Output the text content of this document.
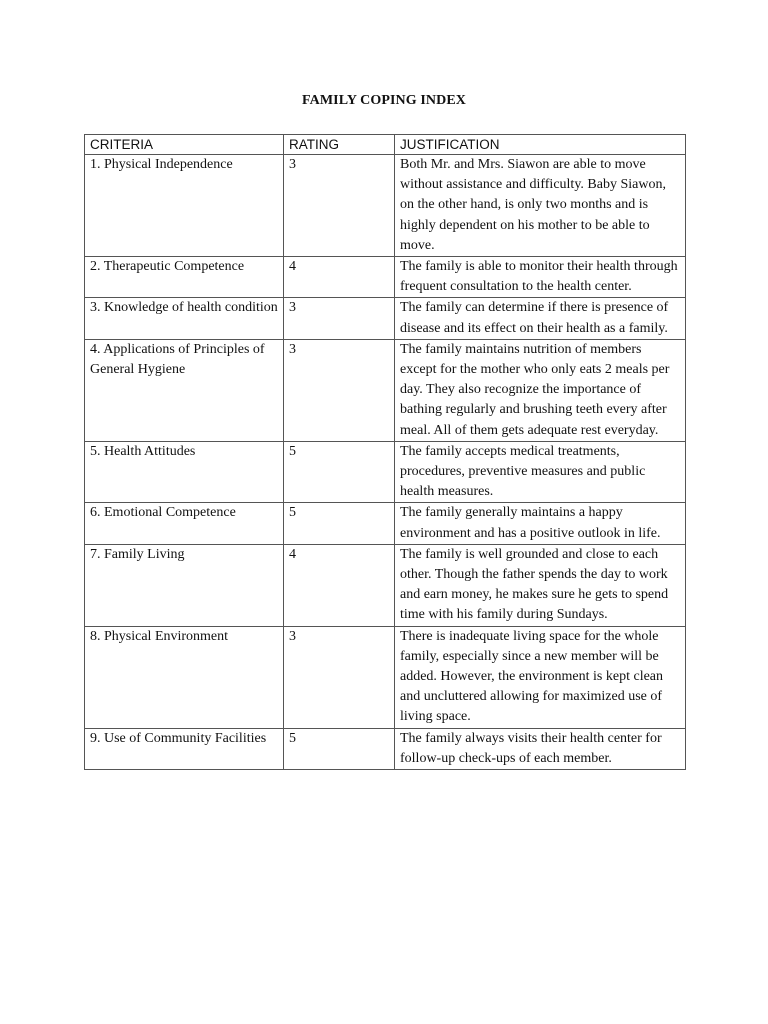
FAMILY COPING INDEX
CRITERIA	RATING	JUSTIFICATION
1. Physical Independence	3	Both Mr. and Mrs. Siawon are able to move without assistance and difficulty. Baby Siawon, on the other hand, is only two months and is highly dependent on his mother to be able to move.
2. Therapeutic Competence	4	The family is able to monitor their health through frequent consultation to the health center.
3. Knowledge of health condition	3	The family can determine if there is presence of disease and its effect on their health as a family.
4. Applications of Principles of General Hygiene	3	The family maintains nutrition of members except for the mother who only eats 2 meals per day. They also recognize the importance of bathing regularly and brushing teeth every after meal. All of them gets adequate rest everyday.
5. Health Attitudes	5	The family accepts medical treatments, procedures, preventive measures and public health measures.
6. Emotional Competence	5	The family generally maintains a happy environment and has a positive outlook in life.
7. Family Living	4	The family is well grounded and close to each other. Though the father spends the day to work and earn money, he makes sure he gets to spend time with his family during Sundays.
8. Physical Environment	3	There is inadequate living space for the whole family, especially since a new member will be added. However, the environment is kept clean and uncluttered allowing for maximized use of living space.
9. Use of Community Facilities	5	The family always visits their health center for follow-up check-ups of each member.
